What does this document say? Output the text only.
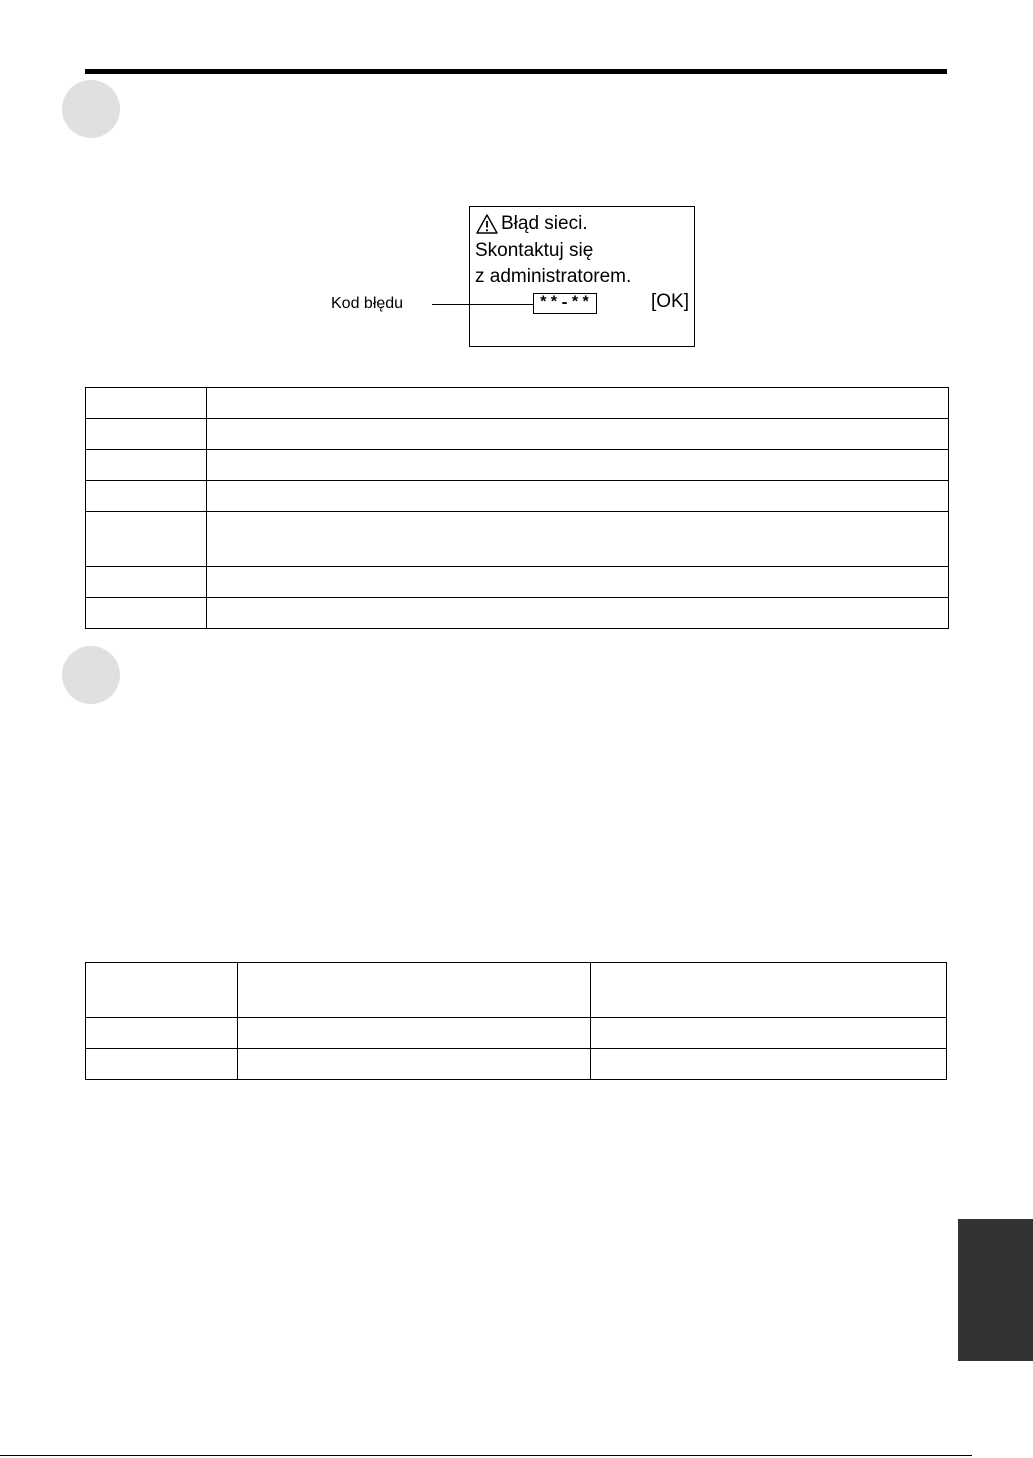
Błąd sieci.
Skontaktuj się
z administratorem.
**-**	[OK]
Kod błędu
